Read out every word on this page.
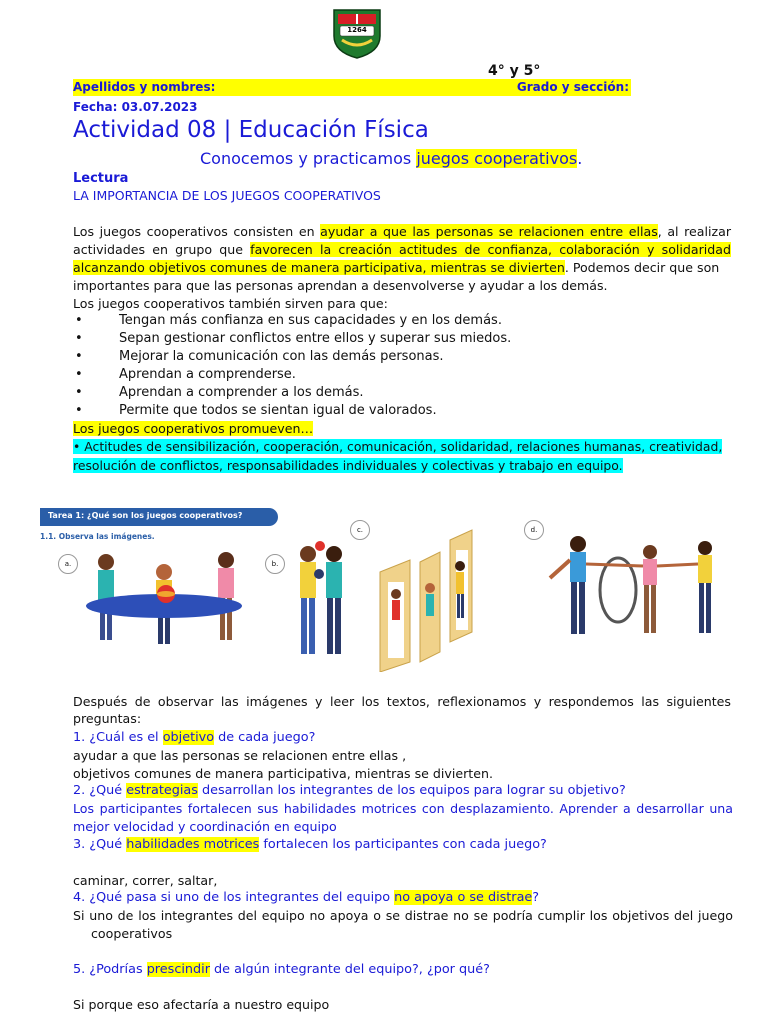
1264
4° y 5°
Apellidos y nombres:	Grado y sección:
Fecha: 03.07.2023
Actividad 08 | Educación Física
Conocemos y practicamos juegos cooperativos.
Lectura
LA IMPORTANCIA DE LOS JUEGOS COOPERATIVOS
Los juegos cooperativos consisten en ayudar a que las personas se relacionen entre ellas, al realizar
actividades en grupo que favorecen la creación actitudes de confianza, colaboración y solidaridad
alcanzando objetivos comunes de manera participativa, mientras se divierten. Podemos decir que son
importantes para que las personas aprendan a desenvolverse y ayudar a los demás.
Los juegos cooperativos también sirven para que:
•	Tengan más confianza en sus capacidades y en los demás.
•	Sepan gestionar conflictos entre ellos y superar sus miedos.
•	Mejorar la comunicación con las demás personas.
•	Aprendan a comprenderse.
•	Aprendan a comprender a los demás.
•	Permite que todos se sientan igual de valorados.
Los juegos cooperativos promueven…
• Actitudes de sensibilización, cooperación, comunicación, solidaridad, relaciones humanas, creatividad,
resolución de conflictos, responsabilidades individuales y colectivas y trabajo en equipo.
Tarea 1: ¿Qué son los juegos cooperativos?
1.1. Observa las imágenes.
a.	b.
c.	d.
Después de observar las imágenes y leer los textos, reflexionamos y respondemos las siguientes
preguntas:
1. ¿Cuál es el objetivo de cada juego?
ayudar a que las personas se relacionen entre ellas ,
objetivos comunes de manera participativa, mientras se divierten.
2. ¿Qué estrategias desarrollan los integrantes de los equipos para lograr su objetivo?
Los participantes fortalecen sus habilidades motrices con desplazamiento. Aprender a desarrollar una
mejor velocidad y coordinación en equipo
3. ¿Qué habilidades motrices fortalecen los participantes con cada juego?
caminar, correr, saltar,
4. ¿Qué pasa si uno de los integrantes del equipo no apoya o se distrae?
Si uno de los integrantes del equipo no apoya o se distrae no se podría cumplir los objetivos del juego
cooperativos
5. ¿Podrías prescindir de algún integrante del equipo?, ¿por qué?
Si porque eso afectaría a nuestro equipo
